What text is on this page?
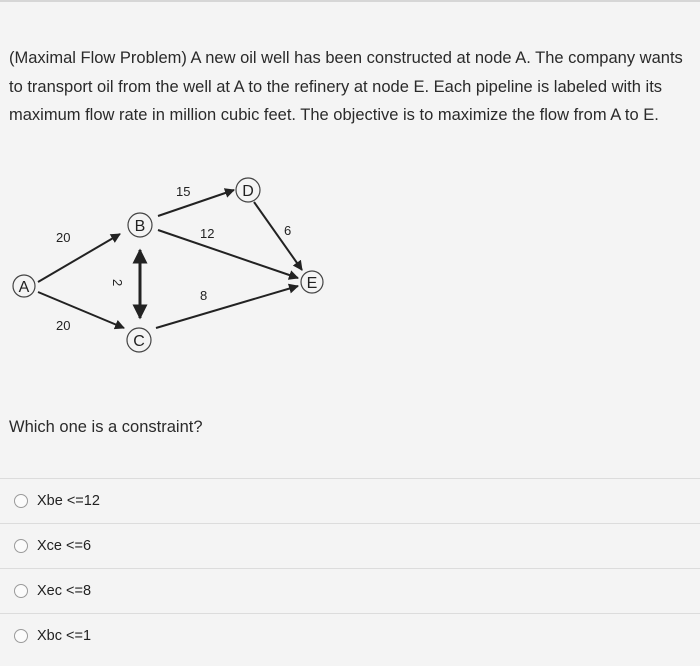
(Maximal Flow Problem) A new oil well has been constructed at node A. The company wants to transport oil from the well at A to the refinery at node E. Each pipeline is labeled with its maximum flow rate in million cubic feet. The objective is to maximize the flow from A to E.
A
B
C
D
E
20
20
2
15
12	6
8
Which one is a constraint?
Xbe <=12
Xce <=6
Xec <=8
Xbc <=1
